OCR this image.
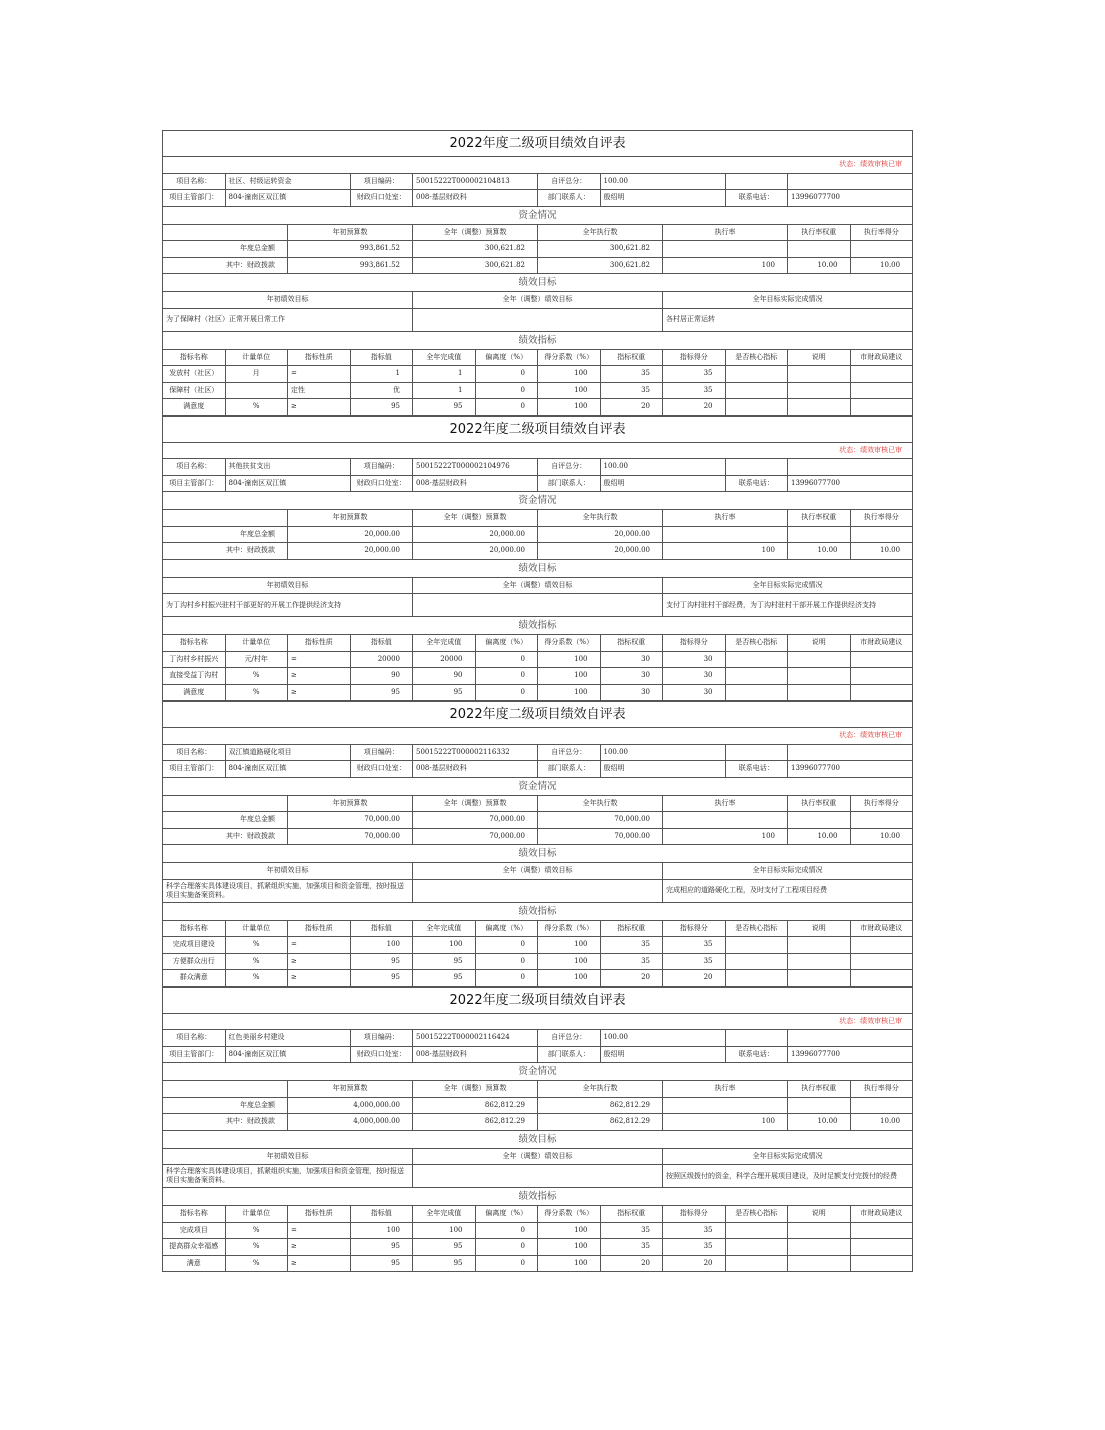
2022年度二级项目绩效自评表											
状态：绩效审核已审											
项目名称：	社区、村级运转资金		项目编码：	50015222T000002104813		自评总分：	100.00				
项目主管部门：	804-潼南区双江镇		财政归口处室：	008-基层财政科		部门联系人：	殷绍明		联系电话：	13996077700	
资金情况											
		年初预算数		全年（调整）预算数		全年执行数		执行率		执行率权重	执行率得分
年度总金额		993,861.52		300,621.82		300,621.82					
其中：财政拨款		993,861.52		300,621.82		300,621.82		100		10.00	10.00
绩效目标											
年初绩效目标				全年（调整）绩效目标				全年目标实际完成情况			
为了保障村（社区）正常开展日常工作								各村居正常运转			
绩效指标											
指标名称	计量单位	指标性质	指标值	全年完成值	偏离度（%）	得分系数（%）	指标权重	指标得分	是否核心指标	说明	市财政局建议
发放村（社区）	月	=	1	1	0	100	35	35			
保障村（社区）		定性	优	1	0	100	35	35			
满意度	%	≥	95	95	0	100	20	20			
2022年度二级项目绩效自评表											
状态：绩效审核已审											
项目名称：	其他扶贫支出		项目编码：	50015222T000002104976		自评总分：	100.00				
项目主管部门：	804-潼南区双江镇		财政归口处室：	008-基层财政科		部门联系人：	殷绍明		联系电话：	13996077700	
资金情况											
		年初预算数		全年（调整）预算数		全年执行数		执行率		执行率权重	执行率得分
年度总金额		20,000.00		20,000.00		20,000.00					
其中：财政拨款		20,000.00		20,000.00		20,000.00		100		10.00	10.00
绩效目标											
年初绩效目标				全年（调整）绩效目标				全年目标实际完成情况			
为丁沟村乡村振兴驻村干部更好的开展工作提供经济支持								支付丁沟村驻村干部经费，为丁沟村驻村干部开展工作提供经济支持			
绩效指标											
指标名称	计量单位	指标性质	指标值	全年完成值	偏离度（%）	得分系数（%）	指标权重	指标得分	是否核心指标	说明	市财政局建议
丁沟村乡村振兴	元/村年	=	20000	20000	0	100	30	30			
直接受益丁沟村	%	≥	90	90	0	100	30	30			
满意度	%	≥	95	95	0	100	30	30			
2022年度二级项目绩效自评表											
状态：绩效审核已审											
项目名称：	双江镇道路硬化项目		项目编码：	50015222T000002116332		自评总分：	100.00				
项目主管部门：	804-潼南区双江镇		财政归口处室：	008-基层财政科		部门联系人：	殷绍明		联系电话：	13996077700	
资金情况											
		年初预算数		全年（调整）预算数		全年执行数		执行率		执行率权重	执行率得分
年度总金额		70,000.00		70,000.00		70,000.00					
其中：财政拨款		70,000.00		70,000.00		70,000.00		100		10.00	10.00
绩效目标											
年初绩效目标				全年（调整）绩效目标				全年目标实际完成情况			
科学合理落实具体建设项目，抓紧组织实施，加强项目和资金管理，按时报送项目实施备案资料。								完成相应的道路硬化工程，及时支付了工程项目经费			
绩效指标											
指标名称	计量单位	指标性质	指标值	全年完成值	偏离度（%）	得分系数（%）	指标权重	指标得分	是否核心指标	说明	市财政局建议
完成项目建设	%	=	100	100	0	100	35	35			
方便群众出行	%	≥	95	95	0	100	35	35			
群众满意	%	≥	95	95	0	100	20	20			
2022年度二级项目绩效自评表											
状态：绩效审核已审											
项目名称：	红色美丽乡村建设		项目编码：	50015222T000002116424		自评总分：	100.00				
项目主管部门：	804-潼南区双江镇		财政归口处室：	008-基层财政科		部门联系人：	殷绍明		联系电话：	13996077700	
资金情况											
		年初预算数		全年（调整）预算数		全年执行数		执行率		执行率权重	执行率得分
年度总金额		4,000,000.00		862,812.29		862,812.29					
其中：财政拨款		4,000,000.00		862,812.29		862,812.29		100		10.00	10.00
绩效目标											
年初绩效目标				全年（调整）绩效目标				全年目标实际完成情况			
科学合理落实具体建设项目，抓紧组织实施，加强项目和资金管理，按时报送项目实施备案资料。								按照区级拨付的资金，科学合理开展项目建设，及时足额支付完拨付的经费			
绩效指标											
指标名称	计量单位	指标性质	指标值	全年完成值	偏离度（%）	得分系数（%）	指标权重	指标得分	是否核心指标	说明	市财政局建议
完成项目	%	=	100	100	0	100	35	35			
提高群众幸福感	%	≥	95	95	0	100	35	35			
满意	%	≥	95	95	0	100	20	20			
